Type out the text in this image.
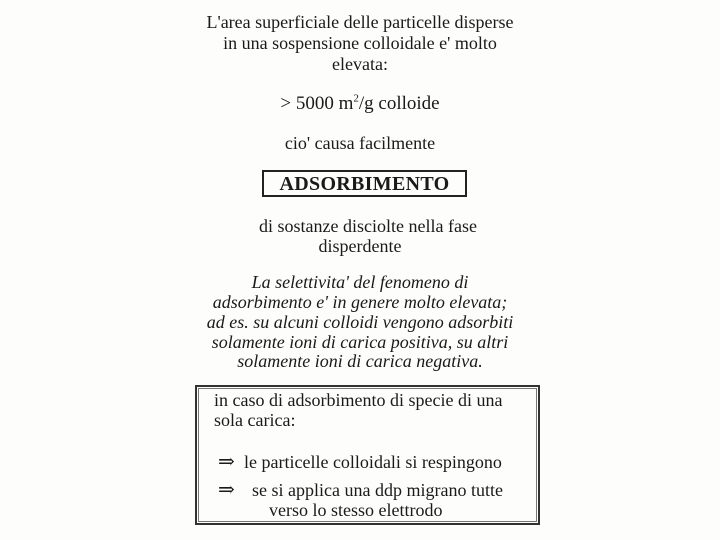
L'area superficiale delle particelle disperse
in una sospensione colloidale e' molto
elevata:
> 5000 $m^2/g$ colloide
cio' causa facilmente
ADSORBIMENTO
di sostanze disciolte nella fase
disperdente
La selettivita' del fenomeno di
adsorbimento e' in genere molto elevata;
ad es. su alcuni colloidi vengono adsorbiti
solamente ioni di carica positiva, su altri
solamente ioni di carica negativa.
in caso di adsorbimento di specie di una
sola carica:
⇒ le particelle colloidali si respingono
⇒ se si applica una ddp migrano tutte
verso lo stesso elettrodo
